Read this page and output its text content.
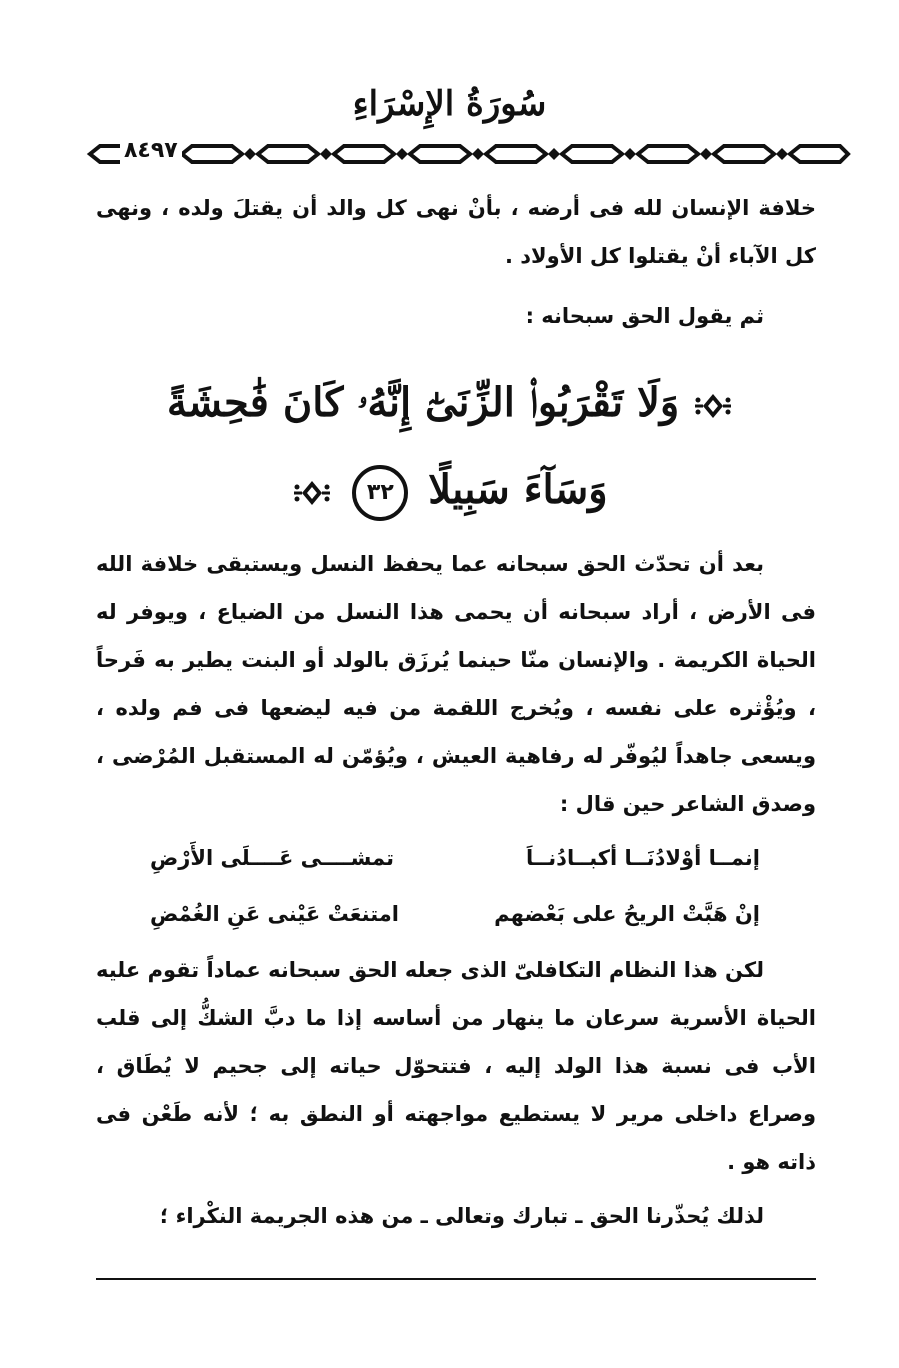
سُورَةُ الإِسْرَاءِ
٨٤٩٧
خلافة الإنسان لله فى أرضه ، بأنْ نهى كل والد أن يقتلَ ولده ، ونهى كل الآباء أنْ يقتلوا كل الأولاد .
ثم يقول الحق سبحانه :
وَلَا تَقْرَبُوا۟ الزِّنَىٰٓ إِنَّهُۥ كَانَ فَٰحِشَةً
وَسَآءَ سَبِيلًا ٣٢
بعد أن تحدّث الحق سبحانه عما يحفظ النسل ويستبقى خلافة الله فى الأرض ، أراد سبحانه أن يحمى هذا النسل من الضياع ، ويوفر له الحياة الكريمة . والإنسان منّا حينما يُرزَق بالولد أو البنت يطير به فَرحاً ، ويُؤْثره على نفسه ، ويُخرج اللقمة من فيه ليضعها فى فم ولده ، ويسعى جاهداً ليُوفّر له رفاهية العيش ، ويُؤمّن له المستقبل المُرْضى ، وصدق الشاعر حين قال :
إنمــا أوْلادُنَــا أكبــادُنــاَ
تمشــــى عَــــلَى الأَرْضِ
إنْ هَبَّتْ الريحُ على بَعْضهم
امتنعَتْ عَيْنى عَنِ الغُمْضِ
لكن هذا النظام التكافلىّ الذى جعله الحق سبحانه عماداً تقوم عليه الحياة الأسرية سرعان ما ينهار من أساسه إذا ما دبَّ الشكُّ إلى قلب الأب فى نسبة هذا الولد إليه ، فتتحوّل حياته إلى جحيم لا يُطَاق ، وصراع داخلى مرير لا يستطيع مواجهته أو النطق به ؛ لأنه طَعْن فى ذاته هو .
لذلك يُحذّرنا الحق ـ تبارك وتعالى ـ من هذه الجريمة النكْراء ؛
